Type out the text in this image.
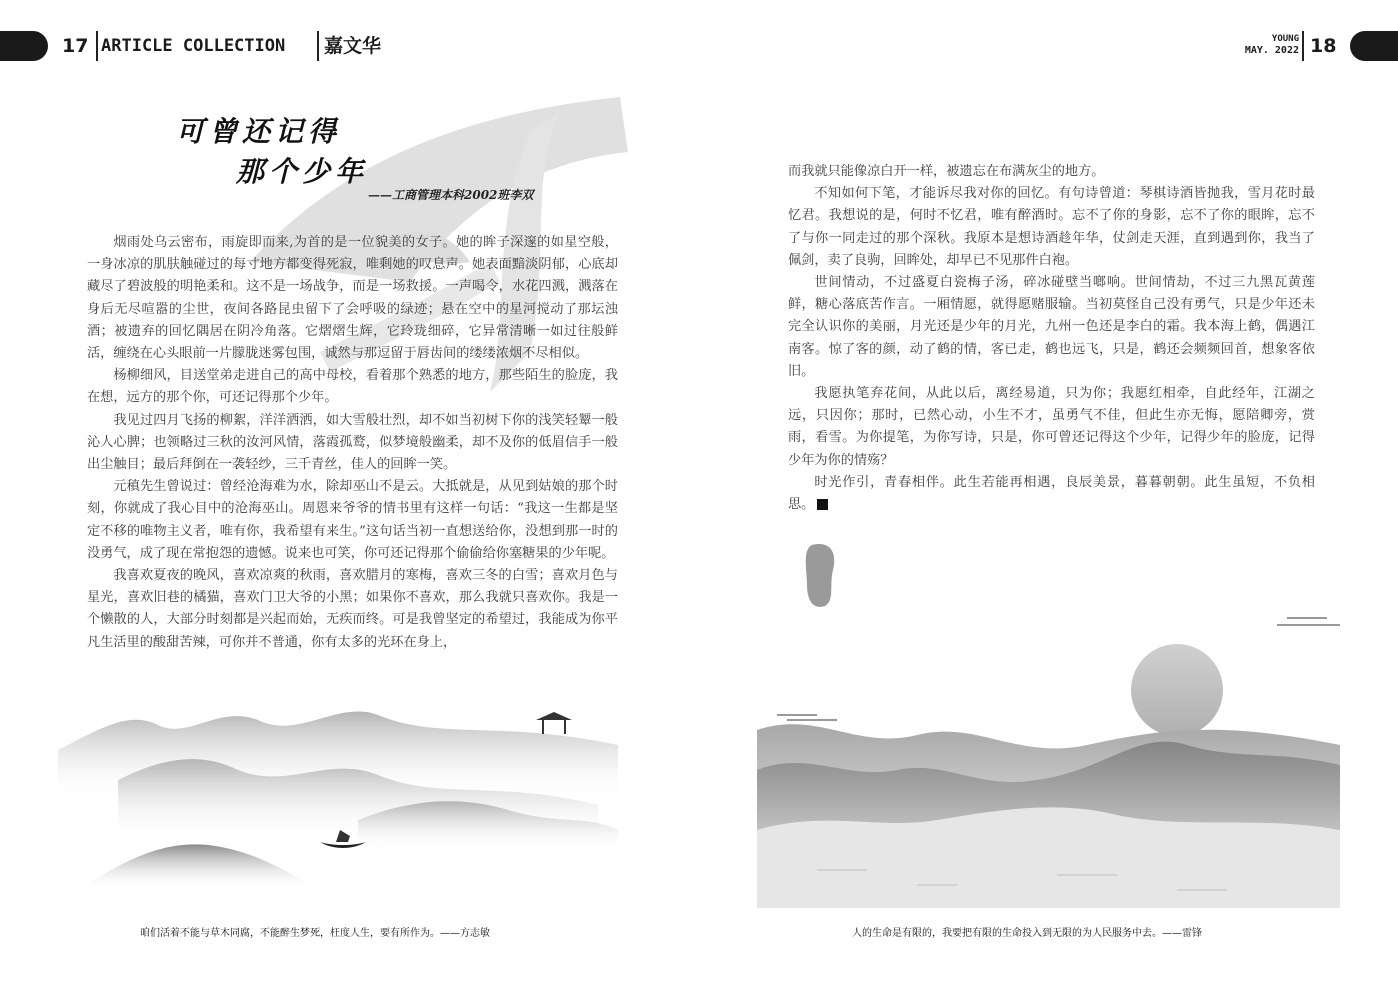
17 ARTICLE COLLECTION 嘉文华	YOUNG
MAY. 2022 18
可曾还记得
那个少年
——工商管理本科2002班李双

烟雨处乌云密布，雨旋即而来,为首的是一位貌美的女子。她的眸子深邃的如星空般，一身冰凉的肌肤触碰过的每寸地方都变得死寂，唯剩她的叹息声。她表面黯淡阴郁，心底却藏尽了碧波般的明艳柔和。这不是一场战争，而是一场救援。一声喝令，水花四溅，溅落在身后无尽喧嚣的尘世，夜间各路昆虫留下了会呼吸的绿迹；悬在空中的星河搅动了那坛浊酒；被遗弃的回忆隅居在阴冷角落。它熠熠生辉，它玲珑细碎，它异常清晰一如过往般鲜活，缠绕在心头眼前一片朦胧迷雾包围，诚然与那逗留于唇齿间的缕缕浓烟不尽相似。

杨柳细风，目送堂弟走进自己的高中母校，看着那个熟悉的地方，那些陌生的脸庞，我在想，远方的那个你，可还记得那个少年。

我见过四月飞扬的柳絮，洋洋洒洒，如大雪般壮烈，却不如当初树下你的浅笑轻颦一般沁人心脾；也领略过三秋的汝河风情，落霞孤鹜，似梦境般幽柔，却不及你的低眉信手一般出尘触目；最后拜倒在一袭轻纱，三千青丝，佳人的回眸一笑。

元稹先生曾说过：曾经沧海难为水，除却巫山不是云。大抵就是，从见到姑娘的那个时刻，你就成了我心目中的沧海巫山。周恩来爷爷的情书里有这样一句话：“我这一生都是坚定不移的唯物主义者，唯有你，我希望有来生。”这句话当初一直想送给你，没想到那一时的没勇气，成了现在常抱怨的遗憾。说来也可笑，你可还记得那个偷偷给你塞糖果的少年呢。

我喜欢夏夜的晚风，喜欢凉爽的秋雨，喜欢腊月的寒梅，喜欢三冬的白雪；喜欢月色与星光，喜欢旧巷的橘猫，喜欢门卫大爷的小黑；如果你不喜欢，那么我就只喜欢你。我是一个懒散的人，大部分时刻都是兴起而始，无疾而终。可是我曾坚定的希望过，我能成为你平凡生活里的酸甜苦辣，可你并不普通，你有太多的光环在身上，

而我就只能像凉白开一样，被遗忘在布满灰尘的地方。

不知如何下笔，才能诉尽我对你的回忆。有句诗曾道：琴棋诗酒皆抛我，雪月花时最忆君。我想说的是，何时不忆君，唯有醉酒时。忘不了你的身影，忘不了你的眼眸，忘不了与你一同走过的那个深秋。我原本是想诗酒趁年华，仗剑走天涯，直到遇到你，我当了佩剑，卖了良驹，回眸处，却早已不见那件白袍。

世间情动，不过盛夏白瓷梅子汤，碎冰碰壁当啷响。世间情劫，不过三九黑瓦黄莲鲜，糖心落底苦作言。一厢情愿，就得愿赌服输。当初莫怪自己没有勇气，只是少年还未完全认识你的美丽，月光还是少年的月光，九州一色还是李白的霜。我本海上鹤，偶遇江南客。惊了客的颜，动了鹤的情，客已走，鹤也远飞，只是，鹤还会频频回首，想象客依旧。

我愿执笔弃花间，从此以后，离经易道，只为你；我愿红相牵，自此经年，江湖之远，只因你；那时，已然心动，小生不才，虽勇气不佳，但此生亦无悔，愿陪卿旁，赏雨，看雪。为你提笔，为你写诗，只是，你可曾还记得这个少年，记得少年的脸庞，记得少年为你的情殇？

时光作引，青春相伴。此生若能再相遇，良辰美景，暮暮朝朝。此生虽短，不负相思。	Y

咱们活着不能与草木同腐，不能醉生梦死，枉度人生，要有所作为。——方志敏	人的生命是有限的，我要把有限的生命投入到无限的为人民服务中去。——雷锋
